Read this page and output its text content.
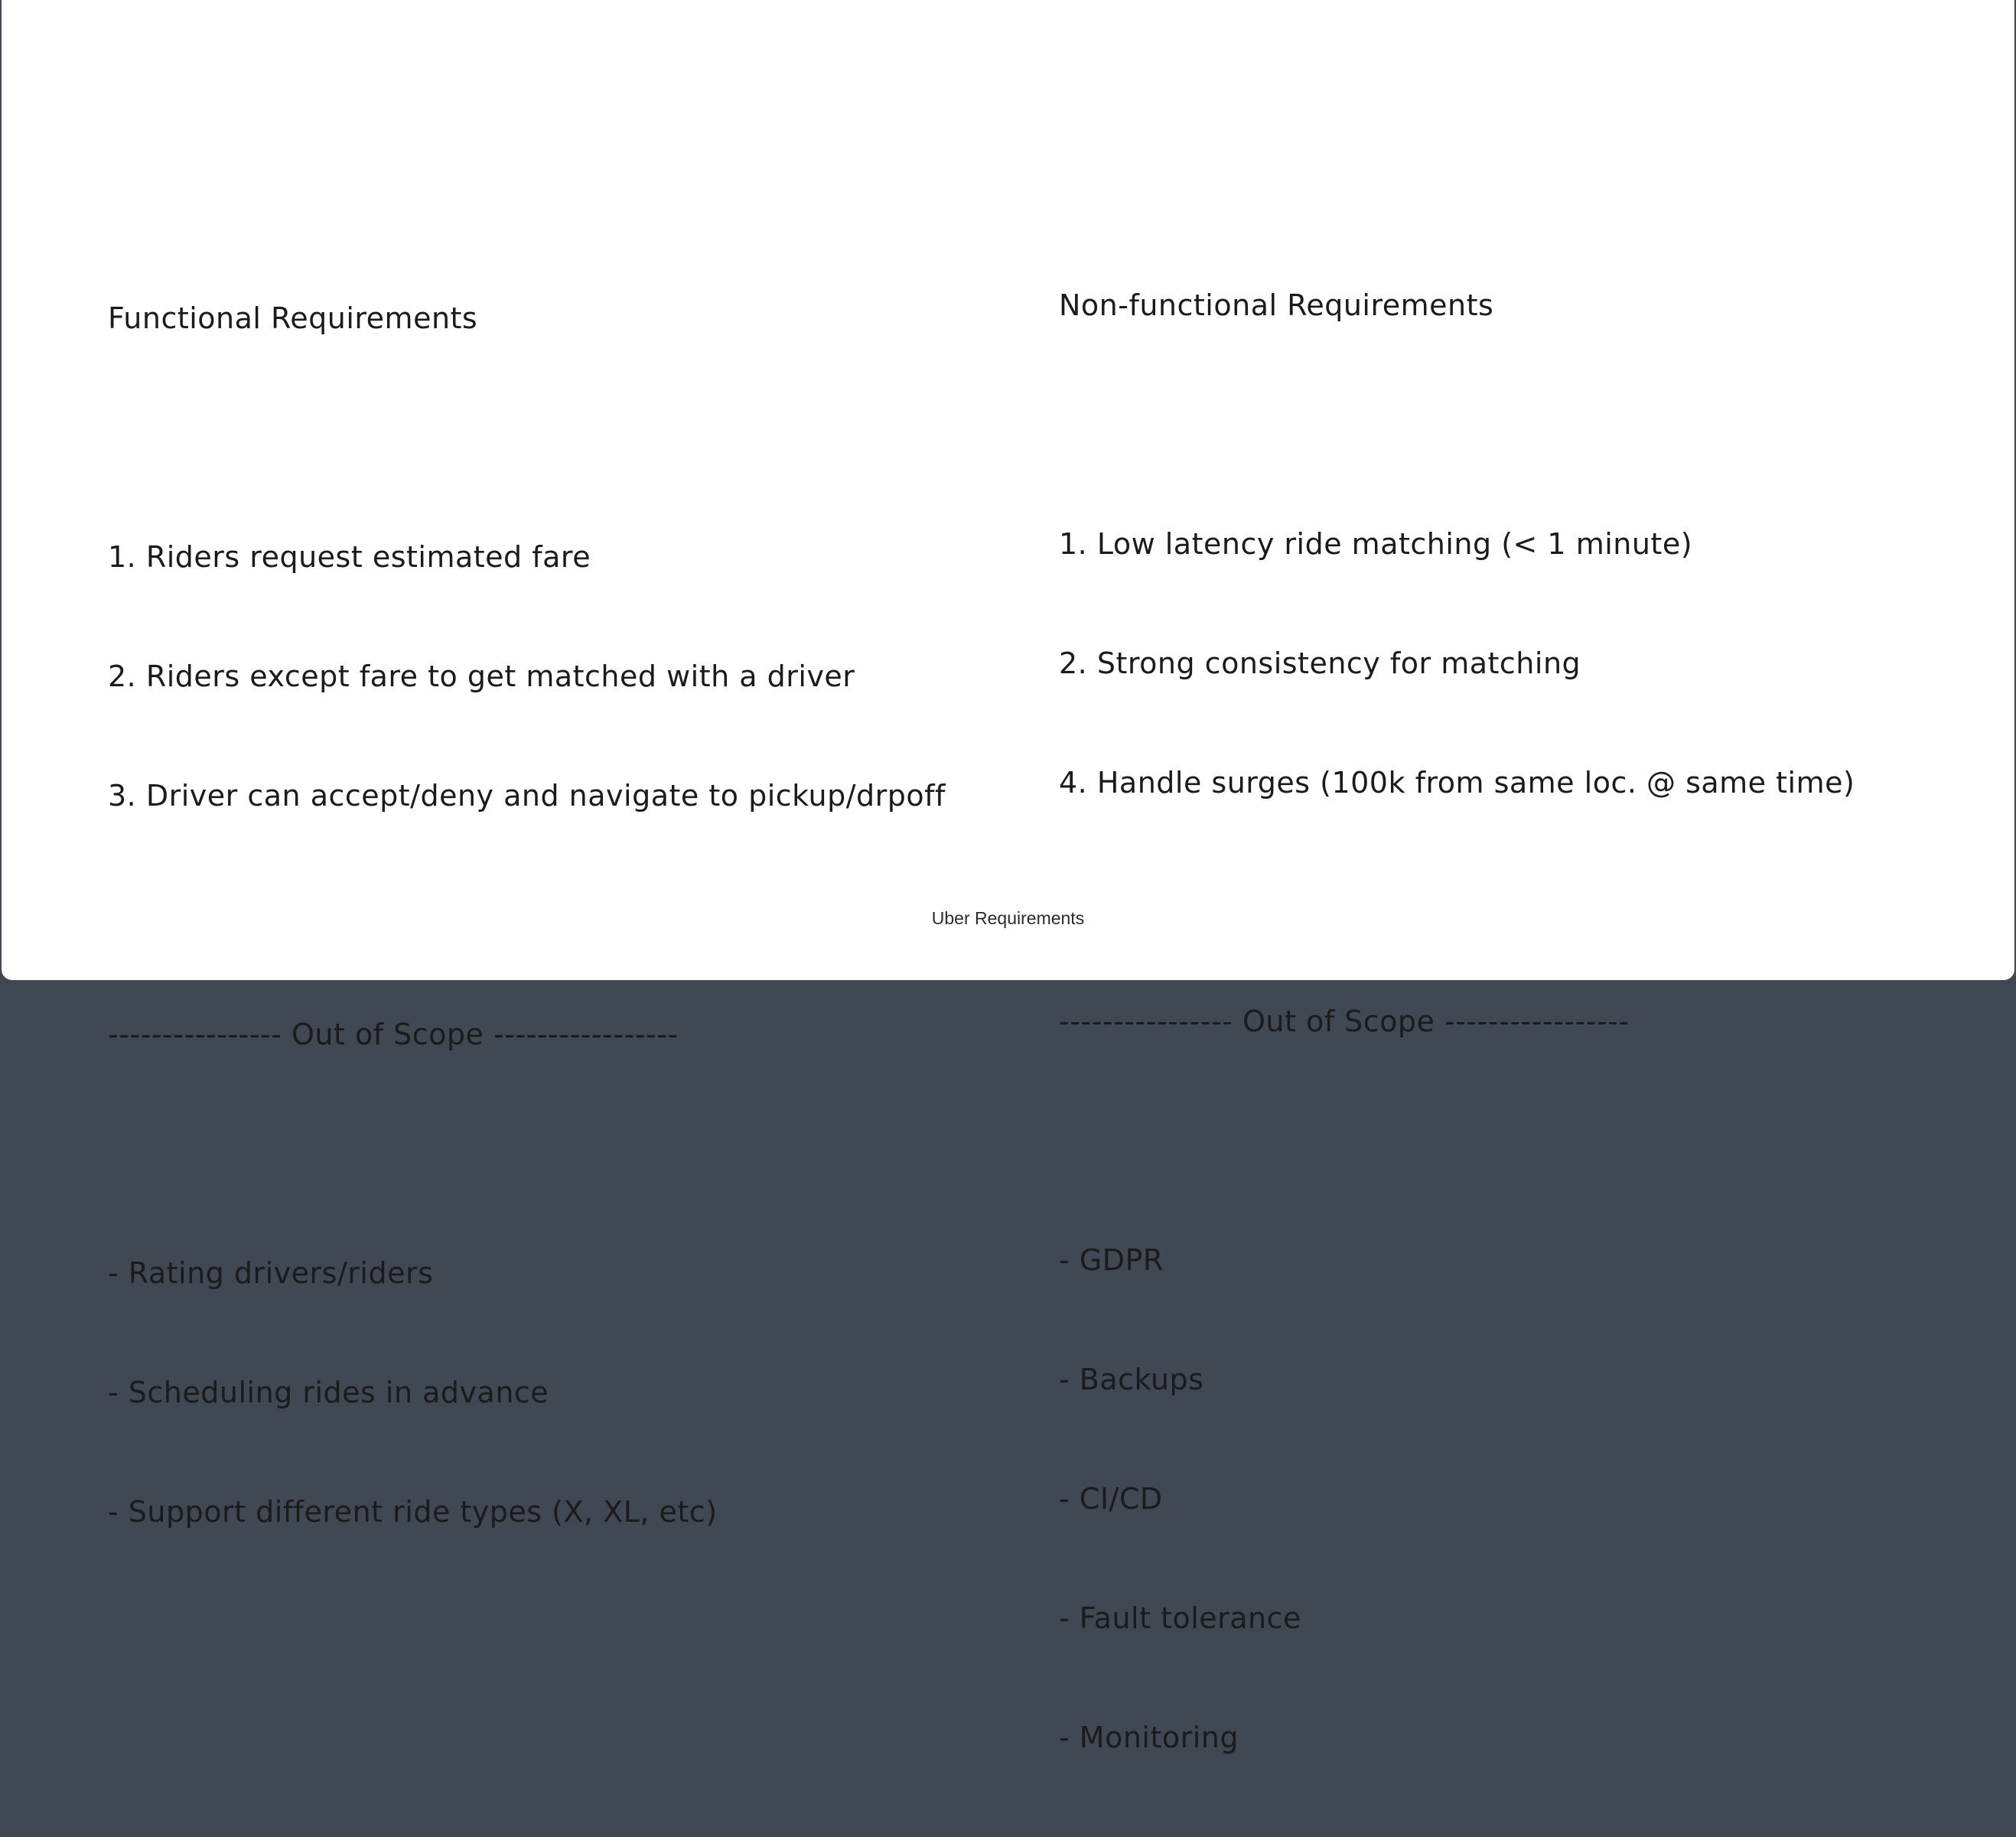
Functional Requirements

1. Riders request estimated fare

2. Riders except fare to get matched with a driver

3. Driver can accept/deny and navigate to pickup/drpoff

---------------- Out of Scope -----------------

- Rating drivers/riders

- Scheduling rides in advance

- Support different ride types (X, XL, etc)

Non-functional Requirements

1. Low latency ride matching (< 1 minute)

2. Strong consistency for matching

4. Handle surges (100k from same loc. @ same time)

---------------- Out of Scope -----------------

- GDPR

- Backups

- CI/CD

- Fault tolerance

- Monitoring

Uber Requirements
